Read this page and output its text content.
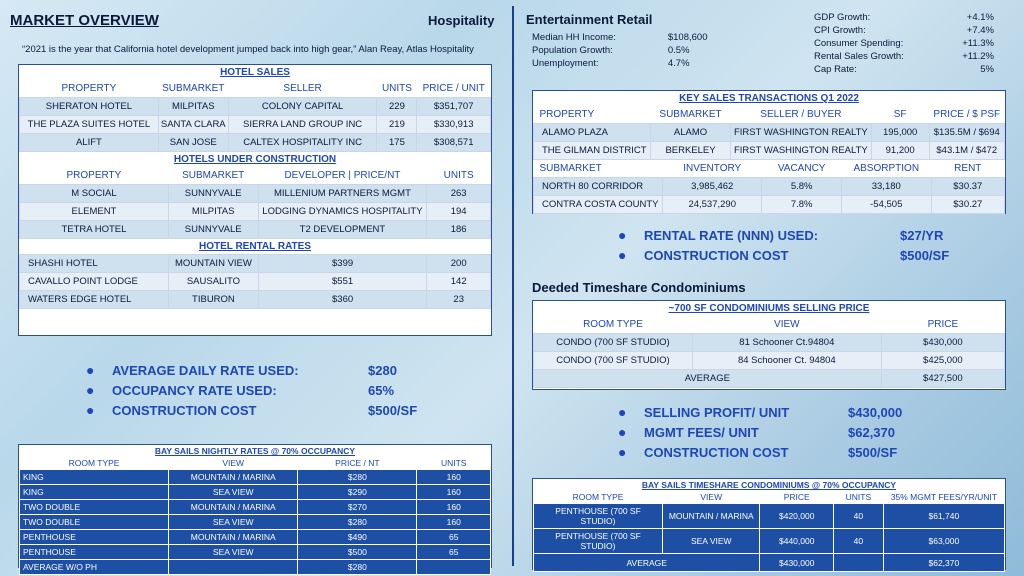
MARKET OVERVIEW	Hospitality
“2021 is the year that California hotel development jumped back into high gear,” Alan Reay, Atlas Hospitality
HOTEL SALES
PROPERTY	SUBMARKET	SELLER	UNITS	PRICE / UNIT
SHERATON HOTEL	MILPITAS	COLONY CAPITAL	229	$351,707
THE PLAZA SUITES HOTEL	SANTA CLARA	SIERRA LAND GROUP INC	219	$330,913
ALIFT	SAN JOSE	CALTEX HOSPITALITY INC	175	$308,571
HOTELS UNDER CONSTRUCTION
PROPERTY	SUBMARKET	DEVELOPER | PRICE/NT	UNITS
M SOCIAL	SUNNYVALE	MILLENIUM PARTNERS MGMT	263
ELEMENT	MILPITAS	LODGING DYNAMICS HOSPITALITY	194
TETRA HOTEL	SUNNYVALE	T2 DEVELOPMENT	186
HOTEL RENTAL RATES
SHASHI HOTEL	MOUNTAIN VIEW	$399	200
CAVALLO POINT LODGE	SAUSALITO	$551	142
WATERS EDGE HOTEL	TIBURON	$360	23
●	AVERAGE DAILY RATE USED:	$280
●	OCCUPANCY RATE USED:	65%
●	CONSTRUCTION COST	$500/SF
BAY SAILS NIGHTLY RATES @ 70% OCCUPANCY
ROOM TYPE	VIEW	PRICE / NT	UNITS
KING	MOUNTAIN / MARINA	$280	160
KING	SEA VIEW	$290	160
TWO DOUBLE	MOUNTAIN / MARINA	$270	160
TWO DOUBLE	SEA VIEW	$280	160
PENTHOUSE	MOUNTAIN / MARINA	$490	65
PENTHOUSE	SEA VIEW	$500	65
AVERAGE W/O PH		$280	
Entertainment Retail
Median HH Income:	$108,600
Population Growth:	0.5%
Unemployment:	4.7%
GDP Growth:	+4.1%
CPI Growth:	+7.4%
Consumer Spending:	+11.3%
Rental Sales Growth:	+11.2%
Cap Rate:	5%
KEY SALES TRANSACTIONS Q1 2022
PROPERTY	SUBMARKET	SELLER / BUYER	SF	PRICE / $ PSF
ALAMO PLAZA	ALAMO	FIRST WASHINGTON REALTY	195,000	$135.5M / $694
THE GILMAN DISTRICT	BERKELEY	FIRST WASHINGTON REALTY	91,200	$43.1M / $472
SUBMARKET	INVENTORY	VACANCY	ABSORPTION	RENT
NORTH 80 CORRIDOR	3,985,462	5.8%	33,180	$30.37
CONTRA COSTA COUNTY	24,537,290	7.8%	-54,505	$30.27
●	RENTAL RATE (NNN) USED:	$27/YR
●	CONSTRUCTION COST	$500/SF
Deeded Timeshare Condominiums
~700 SF CONDOMINIUMS SELLING PRICE
ROOM TYPE	VIEW	PRICE
CONDO (700 SF STUDIO)	81 Schooner Ct.94804	$430,000
CONDO (700 SF STUDIO)	84 Schooner Ct. 94804	$425,000
AVERAGE		$427,500
●	SELLING PROFIT/ UNIT	$430,000
●	MGMT FEES/ UNIT	$62,370
●	CONSTRUCTION COST	$500/SF
BAY SAILS TIMESHARE CONDOMINIUMS @ 70% OCCUPANCY
ROOM TYPE	VIEW	PRICE	UNITS	35% MGMT FEES/YR/UNIT
PENTHOUSE (700 SF STUDIO)	MOUNTAIN / MARINA	$420,000	40	$61,740
PENTHOUSE (700 SF STUDIO)	SEA VIEW	$440,000	40	$63,000
AVERAGE		$430,000		$62,370
